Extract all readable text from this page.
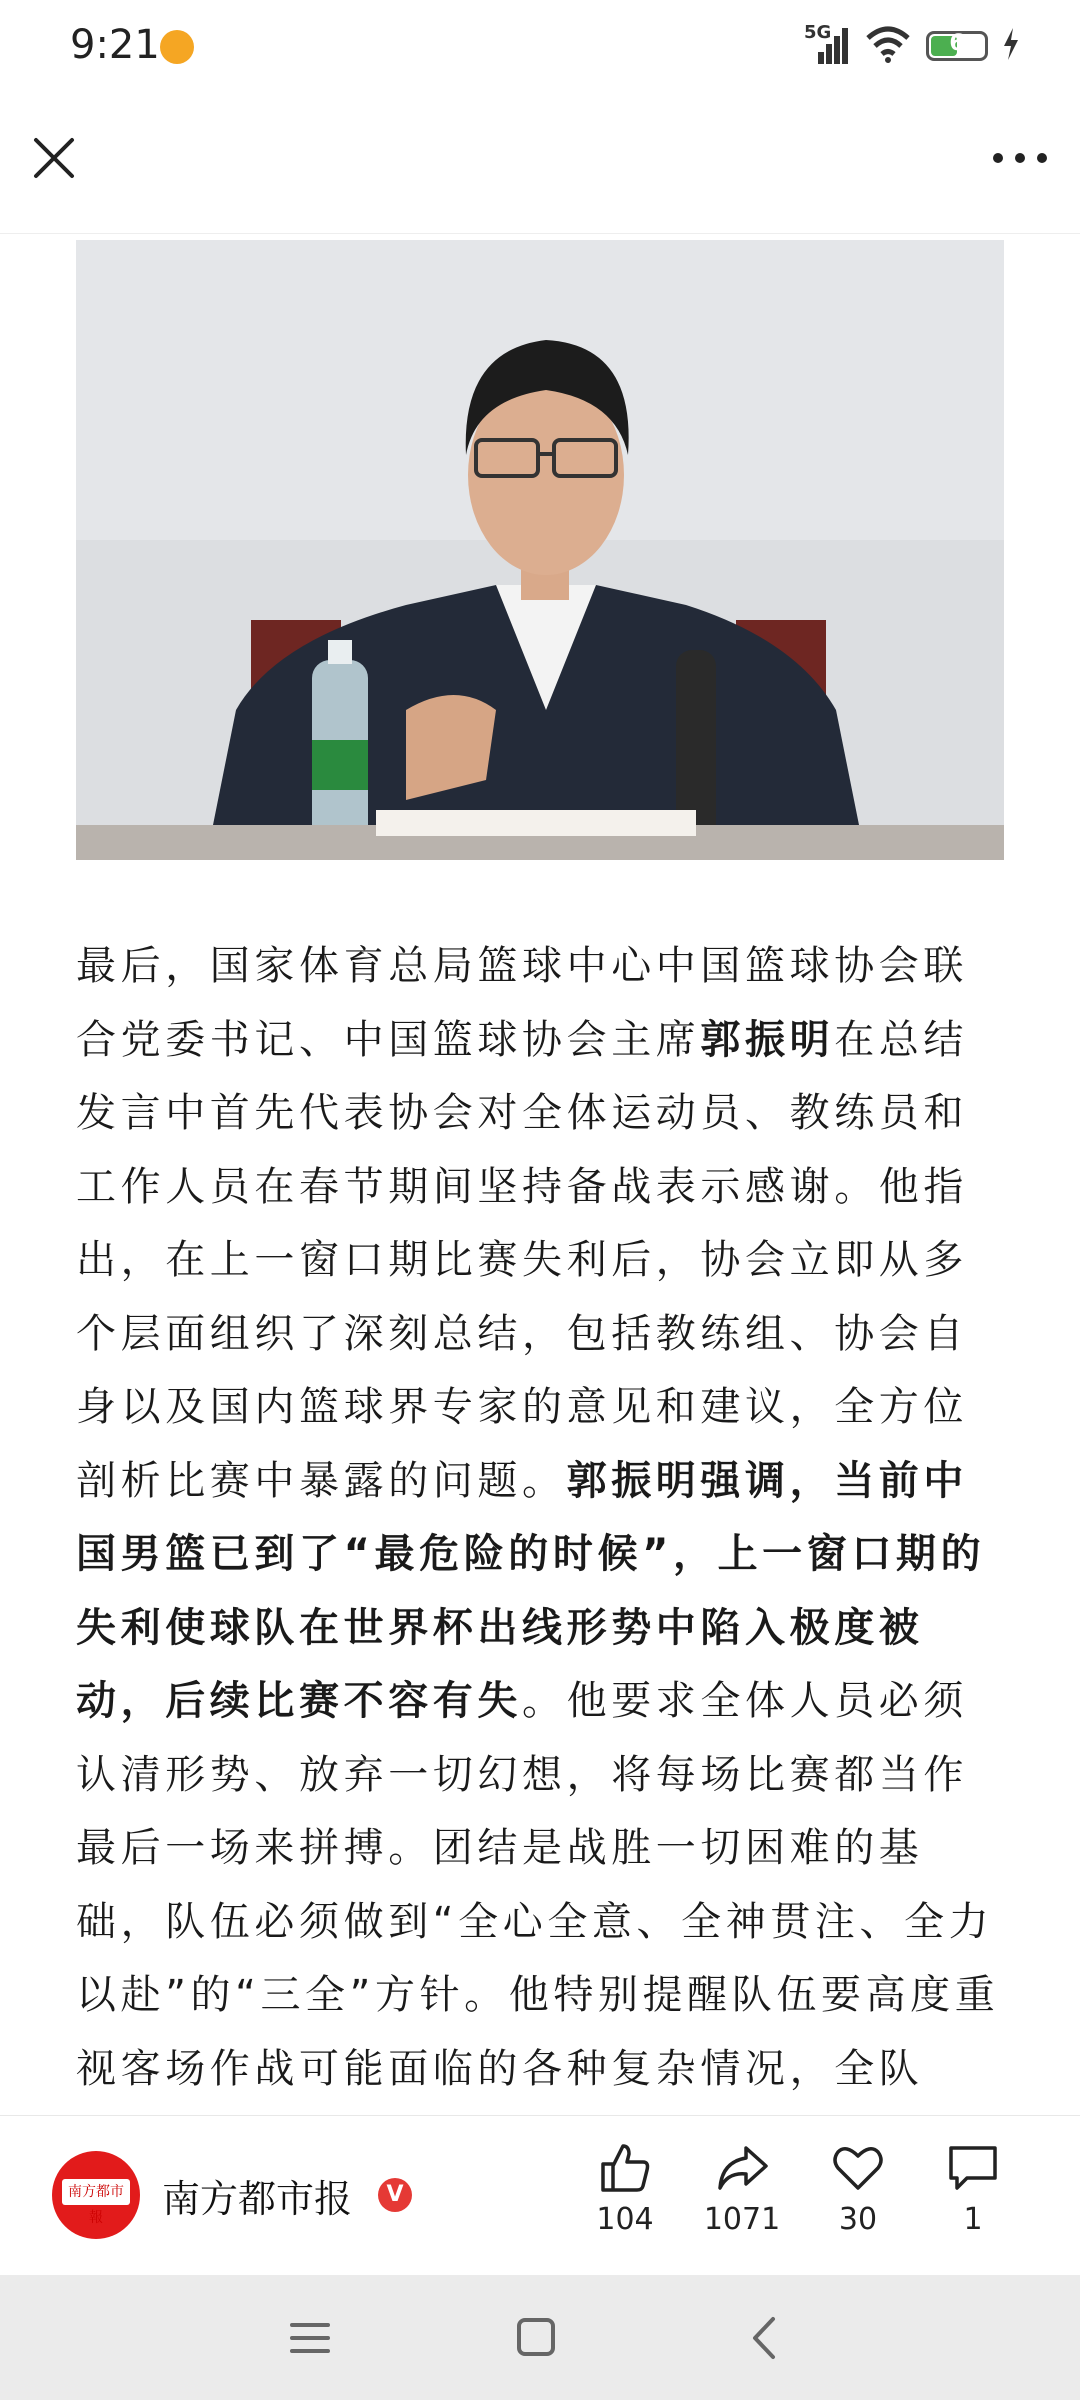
9:21	5G	6
最后，国家体育总局篮球中心中国篮球协会联合党委书记、中国篮球协会主席郭振明在总结发言中首先代表协会对全体运动员、教练员和工作人员在春节期间坚持备战表示感谢。他指出，在上一窗口期比赛失利后，协会立即从多个层面组织了深刻总结，包括教练组、协会自身以及国内篮球界专家的意见和建议，全方位剖析比赛中暴露的问题。郭振明强调，当前中国男篮已到了“最危险的时候”，上一窗口期的失利使球队在世界杯出线形势中陷入极度被动，后续比赛不容有失。他要求全体人员必须认清形势、放弃一切幻想，将每场比赛都当作最后一场来拼搏。团结是战胜一切困难的基础，队伍必须做到“全心全意、全神贯注、全力以赴”的“三全”方针。他特别提醒队伍要高度重视客场作战可能面临的各种复杂情况，全队
南方都市報	南方都市报	V
104	1071	30	1
